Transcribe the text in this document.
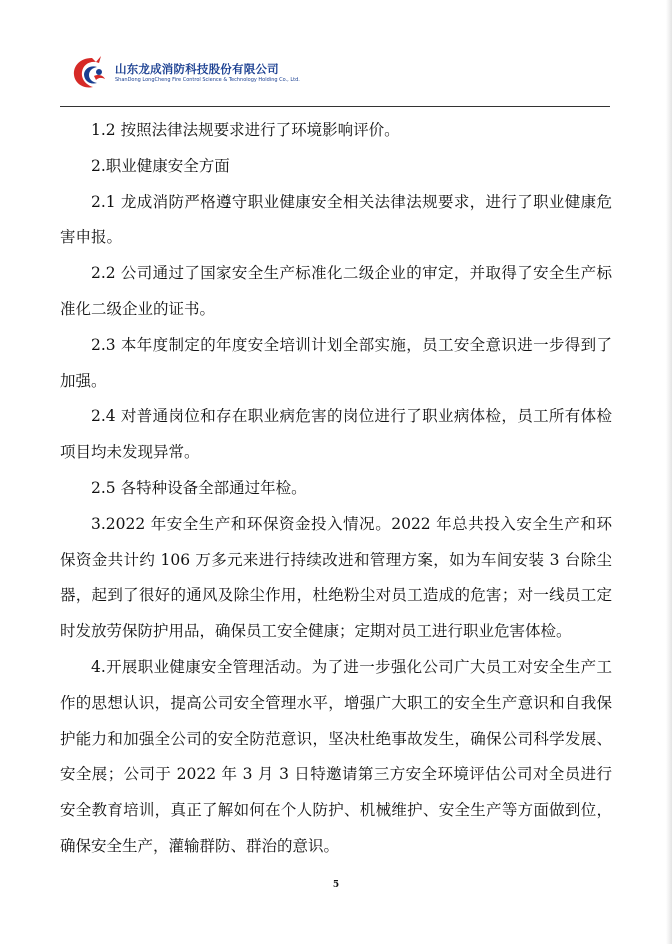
山东龙成消防科技股份有限公司
ShanDong LongCheng Fire Control Science & Technology Holding Co., Ltd.

1.2 按照法律法规要求进行了环境影响评价。

2.职业健康安全方面

2.1 龙成消防严格遵守职业健康安全相关法律法规要求，进行了职业健康危害申报。

2.2 公司通过了国家安全生产标准化二级企业的审定，并取得了安全生产标准化二级企业的证书。

2.3 本年度制定的年度安全培训计划全部实施，员工安全意识进一步得到了加强。

2.4 对普通岗位和存在职业病危害的岗位进行了职业病体检，员工所有体检项目均未发现异常。

2.5 各特种设备全部通过年检。

3.2022 年安全生产和环保资金投入情况。2022 年总共投入安全生产和环保资金共计约 106 万多元来进行持续改进和管理方案，如为车间安装 3 台除尘器，起到了很好的通风及除尘作用，杜绝粉尘对员工造成的危害；对一线员工定时发放劳保防护用品，确保员工安全健康；定期对员工进行职业危害体检。

4.开展职业健康安全管理活动。为了进一步强化公司广大员工对安全生产工作的思想认识，提高公司安全管理水平，增强广大职工的安全生产意识和自我保护能力和加强全公司的安全防范意识，坚决杜绝事故发生，确保公司科学发展、安全展；公司于 2022 年 3 月 3 日特邀请第三方安全环境评估公司对全员进行安全教育培训，真正了解如何在个人防护、机械维护、安全生产等方面做到位，确保安全生产，灌输群防、群治的意识。

5
